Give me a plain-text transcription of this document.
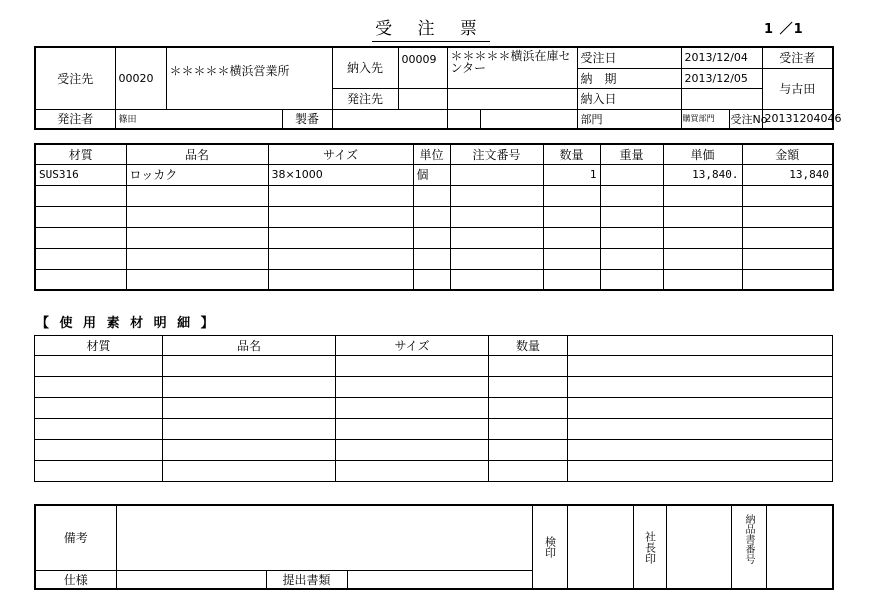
受 注 票	1 ／1
受注先	00020	＊＊＊＊＊横浜営業所		納入先	00009	＊＊＊＊＊横浜在庫センター		受注日	2013/12/04		受注者
								納　期	2013/12/05		与古田
				発注先				納入日			
発注者	篠田		製番					部門	購買部門	受注No	20131204046
材質	品名	サイズ	単位	注文番号	数量	重量	単価	金額
SUS316	ロッカク	38×1000	個		1		13,840.	13,840

【 使 用 素 材 明 細 】
材質	品名	サイズ	数量	

備考				検印		社長印		納品書番号	

仕様		提出書類							
